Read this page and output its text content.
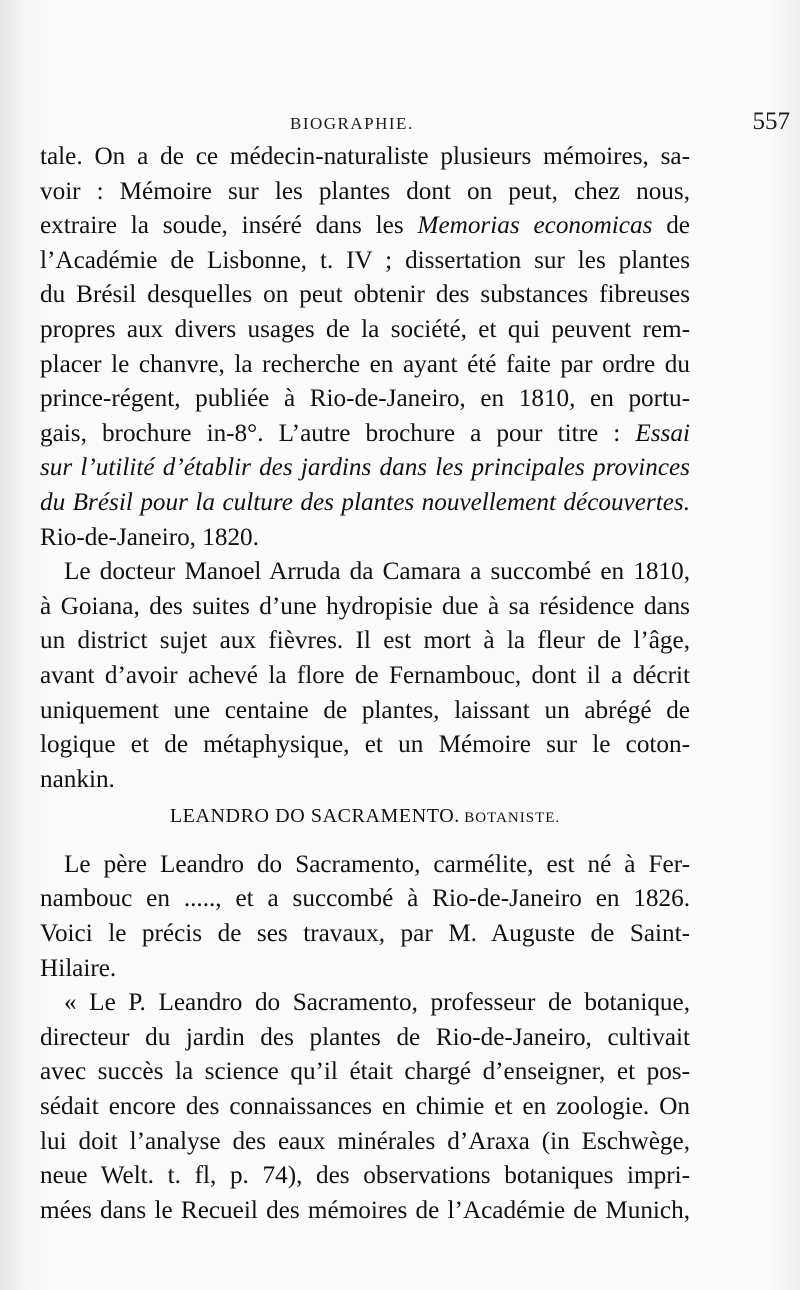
BIOGRAPHIE.	557
tale. On a de ce médecin-naturaliste plusieurs mémoires, sa-
voir : Mémoire sur les plantes dont on peut, chez nous,
extraire la soude, inséré dans les Memorias economicas de
l’Académie de Lisbonne, t. IV ; dissertation sur les plantes
du Brésil desquelles on peut obtenir des substances fibreuses
propres aux divers usages de la société, et qui peuvent rem-
placer le chanvre, la recherche en ayant été faite par ordre du
prince-régent, publiée à Rio-de-Janeiro, en 1810, en portu-
gais, brochure in-8°. L’autre brochure a pour titre : Essai
sur l’utilité d’établir des jardins dans les principales provinces
du Brésil pour la culture des plantes nouvellement découvertes.
Rio-de-Janeiro, 1820.
Le docteur Manoel Arruda da Camara a succombé en 1810,
à Goiana, des suites d’une hydropisie due à sa résidence dans
un district sujet aux fièvres. Il est mort à la fleur de l’âge,
avant d’avoir achevé la flore de Fernambouc, dont il a décrit
uniquement une centaine de plantes, laissant un abrégé de
logique et de métaphysique, et un Mémoire sur le coton-
nankin.
LEANDRO DO SACRAMENTO. BOTANISTE.
Le père Leandro do Sacramento, carmélite, est né à Fer-
nambouc en ....., et a succombé à Rio-de-Janeiro en 1826.
Voici le précis de ses travaux, par M. Auguste de Saint-
Hilaire.
« Le P. Leandro do Sacramento, professeur de botanique,
directeur du jardin des plantes de Rio-de-Janeiro, cultivait
avec succès la science qu’il était chargé d’enseigner, et pos-
sédait encore des connaissances en chimie et en zoologie. On
lui doit l’analyse des eaux minérales d’Araxa (in Eschwège,
neue Welt. t. fl, p. 74), des observations botaniques impri-
mées dans le Recueil des mémoires de l’Académie de Munich,
